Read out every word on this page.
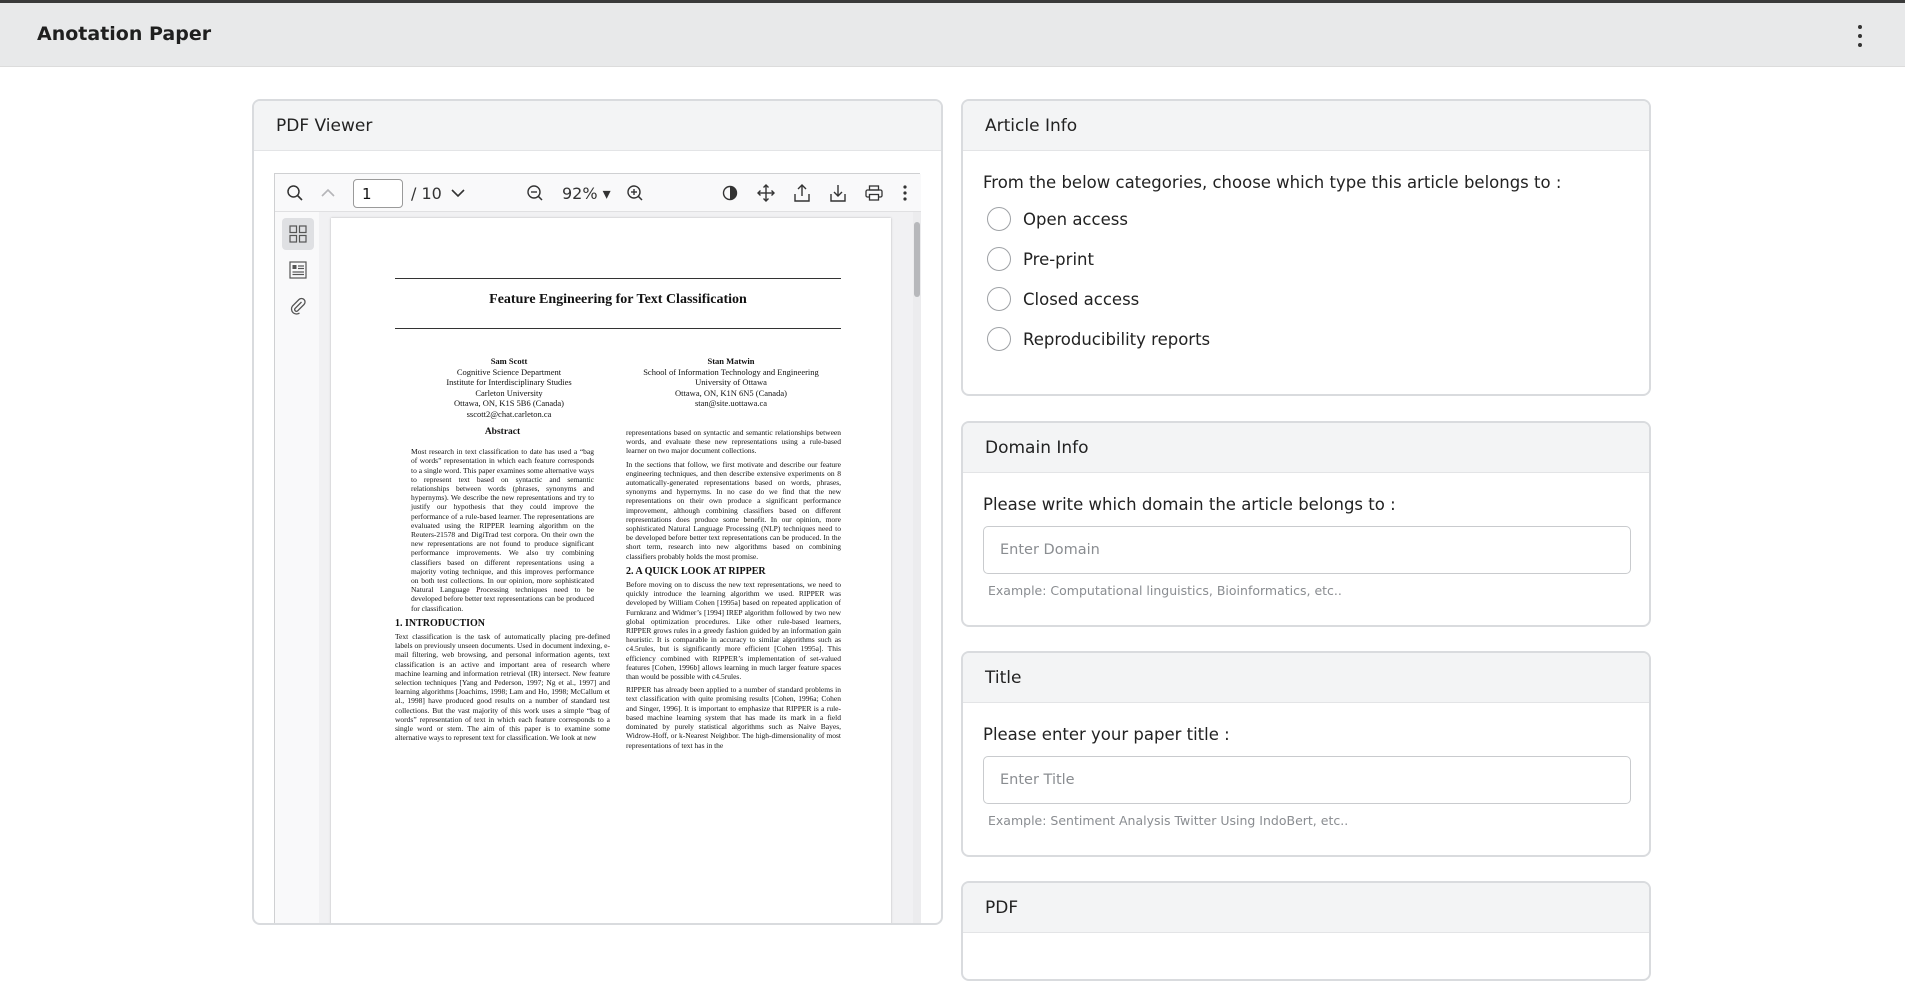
Anotation Paper
PDF Viewer
1
/ 10	92% ▾
Feature Engineering for Text Classification
Sam Scott
Cognitive Science Department
Institute for Interdisciplinary Studies
Carleton University
Ottawa, ON, K1S 5B6 (Canada)
sscott2@chat.carleton.ca
Stan Matwin
School of Information Technology and Engineering
University of Ottawa
Ottawa, ON, K1N 6N5 (Canada)
stan@site.uottawa.ca
Abstract

Most research in text classification to date has used a “bag of words” representation in which each feature corresponds to a single word. This paper examines some alternative ways to represent text based on syntactic and semantic relationships between words (phrases, synonyms and hypernyms). We describe the new representations and try to justify our hypothesis that they could improve the performance of a rule-based learner. The representations are evaluated using the RIPPER learning algorithm on the Reuters-21578 and DigiTrad test corpora. On their own the new representations are not found to produce significant performance improvements. We also try combining classifiers based on different representations using a majority voting technique, and this improves performance on both test collections. In our opinion, more sophisticated Natural Language Processing techniques need to be developed before better text representations can be produced for classification.

1. INTRODUCTION

Text classification is the task of automatically placing pre-defined labels on previously unseen documents. Used in document indexing, e-mail filtering, web browsing, and personal information agents, text classification is an active and important area of research where machine learning and information retrieval (IR) intersect. New feature selection techniques [Yang and Pederson, 1997; Ng et al., 1997] and learning algorithms [Joachims, 1998; Lam and Ho, 1998; McCallum et al., 1998] have produced good results on a number of standard test collections. But the vast majority of this work uses a simple “bag of words” representation of text in which each feature corresponds to a single word or stem. The aim of this paper is to examine some alternative ways to represent text for classification. We look at new

representations based on syntactic and semantic relationships between words, and evaluate these new representations using a rule-based learner on two major document collections.

In the sections that follow, we first motivate and describe our feature engineering techniques, and then describe extensive experiments on 8 automatically-generated representations based on words, phrases, synonyms and hypernyms. In no case do we find that the new representations on their own produce a significant performance improvement, although combining classifiers based on different representations does produce some benefit. In our opinion, more sophisticated Natural Language Processing (NLP) techniques need to be developed before better text representations can be produced. In the short term, research into new algorithms based on combining classifiers probably holds the most promise.

2. A QUICK LOOK AT RIPPER

Before moving on to discuss the new text representations, we need to quickly introduce the learning algorithm we used. RIPPER was developed by William Cohen [1995a] based on repeated application of Furnkranz and Widmer’s [1994] IREP algorithm followed by two new global optimization procedures. Like other rule-based learners, RIPPER grows rules in a greedy fashion guided by an information gain heuristic. It is comparable in accuracy to similar algorithms such as c4.5rules, but is significantly more efficient [Cohen 1995a]. This efficiency combined with RIPPER’s implementation of set-valued features [Cohen, 1996b] allows learning in much larger feature spaces than would be possible with c4.5rules.

RIPPER has already been applied to a number of standard problems in text classification with quite promising results [Cohen, 1996a; Cohen and Singer, 1996]. It is important to emphasize that RIPPER is a rule-based machine learning system that has made its mark in a field dominated by purely statistical algorithms such as Naive Bayes, Widrow-Hoff, or k-Nearest Neighbor. The high-dimensionality of most representations of text has in the

Article Info
From the below categories, choose which type this article belongs to :
Open access
Pre-print
Closed access
Reproducibility reports
Domain Info
Please write which domain the article belongs to :
Enter Domain
Example: Computational linguistics, Bioinformatics, etc..
Title
Please enter your paper title :
Enter Title
Example: Sentiment Analysis Twitter Using IndoBert, etc..
PDF
